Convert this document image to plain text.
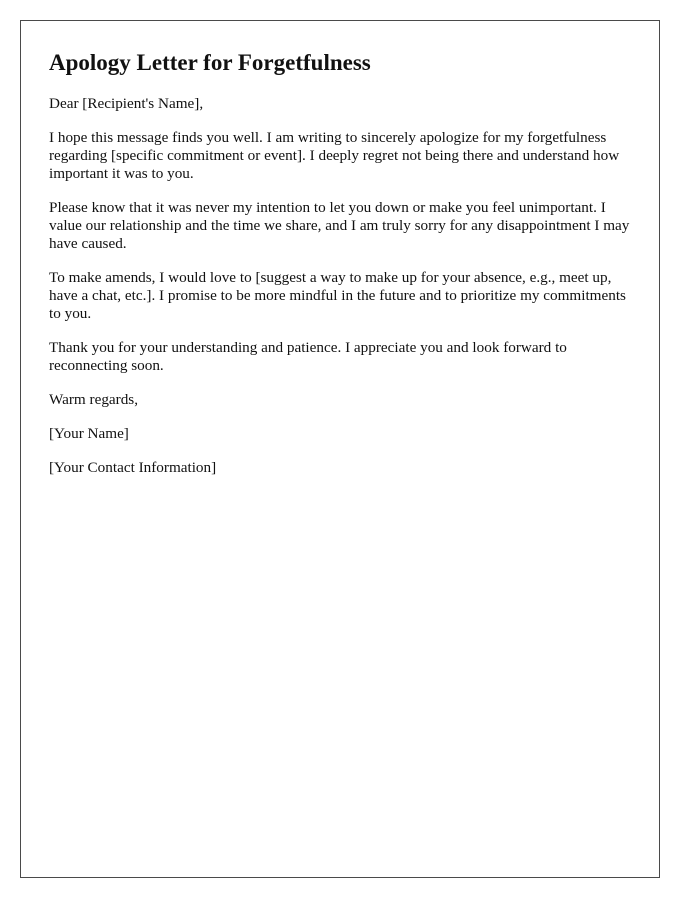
Apology Letter for Forgetfulness

Dear [Recipient's Name],

I hope this message finds you well. I am writing to sincerely apologize for my forgetfulness regarding [specific commitment or event]. I deeply regret not being there and understand how important it was to you.

Please know that it was never my intention to let you down or make you feel unimportant. I value our relationship and the time we share, and I am truly sorry for any disappointment I may have caused.

To make amends, I would love to [suggest a way to make up for your absence, e.g., meet up, have a chat, etc.]. I promise to be more mindful in the future and to prioritize my commitments to you.

Thank you for your understanding and patience. I appreciate you and look forward to reconnecting soon.

Warm regards,

[Your Name]

[Your Contact Information]
